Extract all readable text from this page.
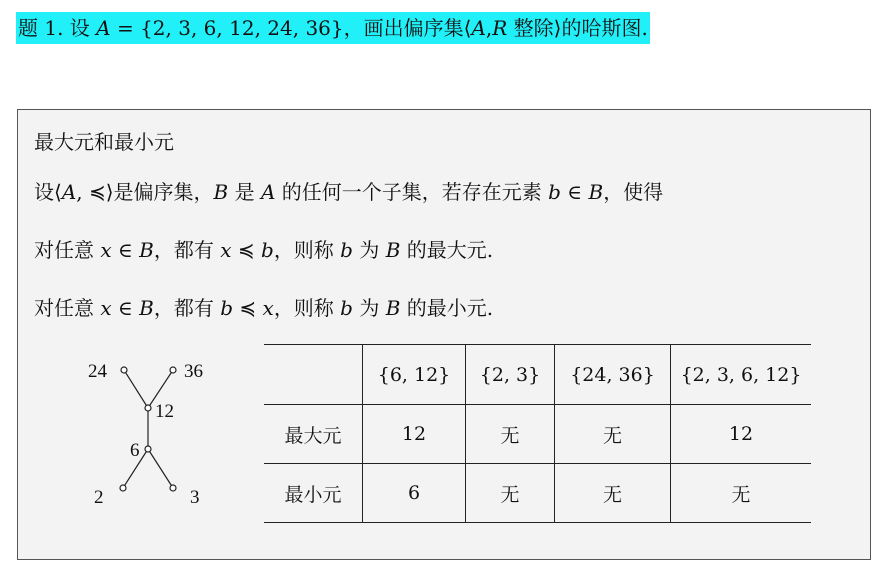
题 1. 设 A = {2, 3, 6, 12, 24, 36}，画出偏序集⟨A,R 整除⟩的哈斯图.
最大元和最小元
设⟨A, ≼⟩是偏序集，B 是 A 的任何一个子集，若存在元素 b ∈ B，使得
对任意 x ∈ B，都有 x ≼ b，则称 b 为 B 的最大元.
对任意 x ∈ B，都有 b ≼ x，则称 b 为 B 的最小元.
24	36
12
6
2	3
	{6, 12}	{2, 3}	{24, 36}	{2, 3, 6, 12}
最大元	12	无	无	12
最小元	6	无	无	无
